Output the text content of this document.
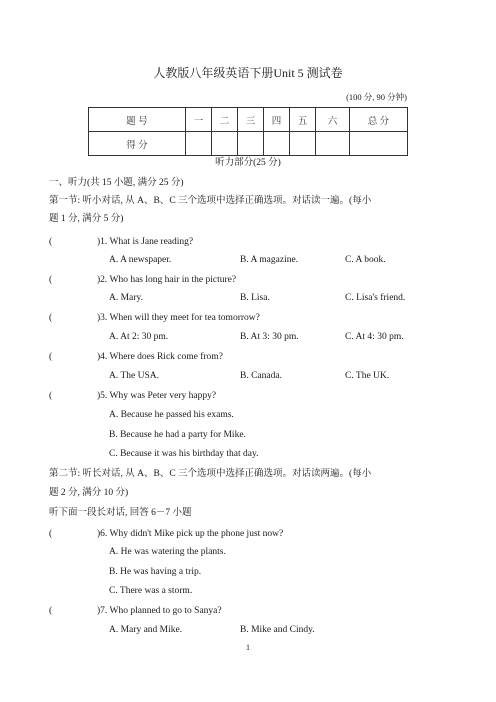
人教版八年级英语下册Unit 5 测试卷
(100 分, 90 分钟)
题 号	一	二	三	四	五	六	总 分
得 分							
听力部分(25 分)
一、听力(共 15 小题, 满分 25 分)
第一节: 听小对话, 从 A、B、C 三个选项中选择正确选项。对话读一遍。(每小
题 1 分, 满分 5 分)
(	)1. What is Jane reading?
A. A newspaper.	B. A magazine.	C. A book.
(	)2. Who has long hair in the picture?
A. Mary.	B. Lisa.	C. Lisa's friend.
(	)3. When will they meet for tea tomorrow?
A. At 2: 30 pm.	B. At 3: 30 pm.	C. At 4: 30 pm.
(	)4. Where does Rick come from?
A. The USA.	B. Canada.	C. The UK.
(	)5. Why was Peter very happy?
A. Because he passed his exams.
B. Because he had a party for Mike.
C. Because it was his birthday that day.
第二节: 听长对话, 从 A、B、C 三个选项中选择正确选项。对话读两遍。(每小
题 2 分, 满分 10 分)
听下面一段长对话, 回答 6－7 小题
(	)6. Why didn't Mike pick up the phone just now?
A. He was watering the plants.
B. He was having a trip.
C. There was a storm.
(	)7. Who planned to go to Sanya?
A. Mary and Mike.	B. Mike and Cindy.
1
